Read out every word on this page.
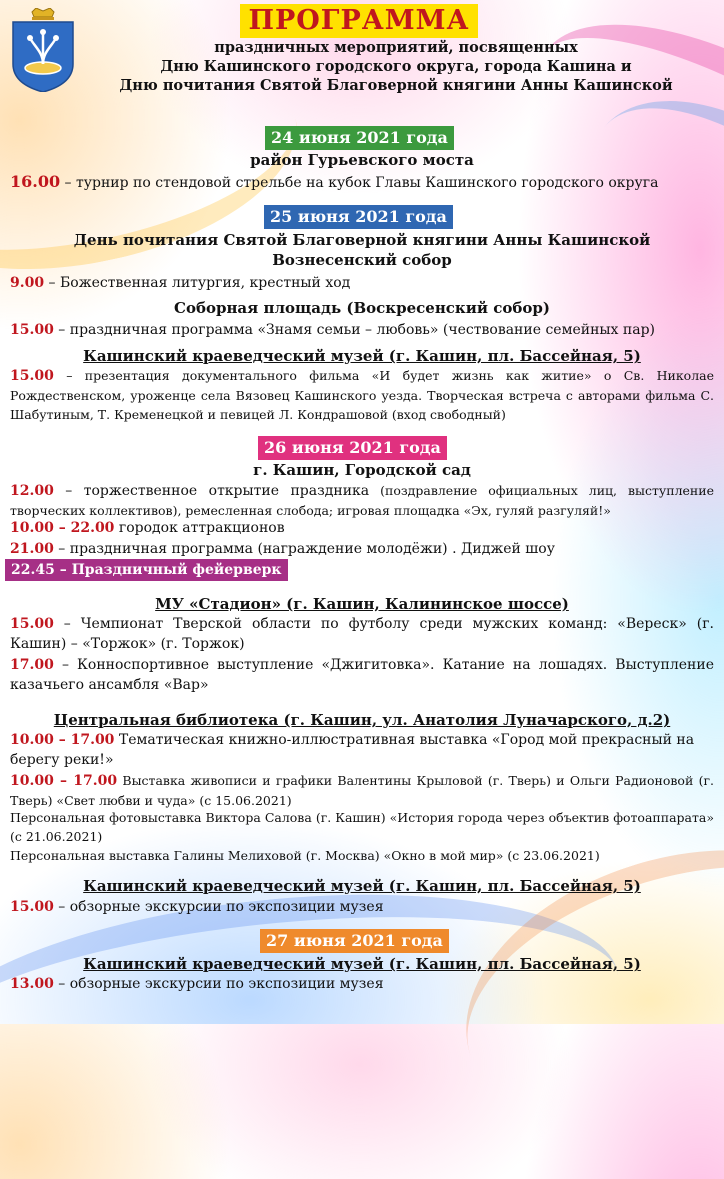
ПРОГРАММА
праздничных мероприятий, посвященных
Дню Кашинского городского округа, города Кашина и
Дню почитания Святой Благоверной княгини Анны Кашинской
24 июня 2021 года
район Гурьевского моста
16.00 – турнир по стендовой стрельбе на кубок Главы Кашинского городского округа
25 июня 2021 года
День почитания Святой Благоверной княгини Анны Кашинской
Вознесенский собор
9.00 – Божественная литургия, крестный ход
Соборная площадь (Воскресенский собор)
15.00 – праздничная программа «Знамя семьи – любовь» (чествование семейных пар)
Кашинский краеведческий музей (г. Кашин, пл. Бассейная, 5)
15.00 – презентация документального фильма «И будет жизнь как житие» о Св. Николае Рождественском, уроженце села Вязовец Кашинского уезда. Творческая встреча с авторами фильма С. Шабутиным, Т. Кременецкой и певицей Л. Кондрашовой (вход свободный)
26 июня 2021 года
г. Кашин, Городской сад
12.00 – торжественное открытие праздника (поздравление официальных лиц, выступление творческих коллективов), ремесленная слобода; игровая площадка «Эх, гуляй разгуляй!»
10.00 – 22.00 городок аттракционов
21.00 – праздничная программа (награждение молодёжи) . Диджей шоу
22.45 – Праздничный фейерверк
МУ «Стадион» (г. Кашин, Калининское шоссе)
15.00 – Чемпионат Тверской области по футболу среди мужских команд: «Вереск» (г. Кашин) – «Торжок» (г. Торжок)
17.00 – Конноспортивное выступление «Джигитовка». Катание на лошадях. Выступление казачьего ансамбля «Вар»
Центральная библиотека (г. Кашин, ул. Анатолия Луначарского, д.2)
10.00 – 17.00 Тематическая книжно-иллюстративная выставка «Город мой прекрасный на берегу реки!»
10.00 – 17.00 Выставка живописи и графики Валентины Крыловой (г. Тверь) и Ольги Радионовой (г. Тверь) «Свет любви и чуда» (с 15.06.2021)
Персональная фотовыставка Виктора Салова (г. Кашин) «История города через объектив фотоаппарата» (с 21.06.2021)
Персональная выставка Галины Мелиховой (г. Москва) «Окно в мой мир» (с 23.06.2021)
Кашинский краеведческий музей (г. Кашин, пл. Бассейная, 5)
15.00 – обзорные экскурсии по экспозиции музея
27 июня 2021 года
Кашинский краеведческий музей (г. Кашин, пл. Бассейная, 5)
13.00 – обзорные экскурсии по экспозиции музея
